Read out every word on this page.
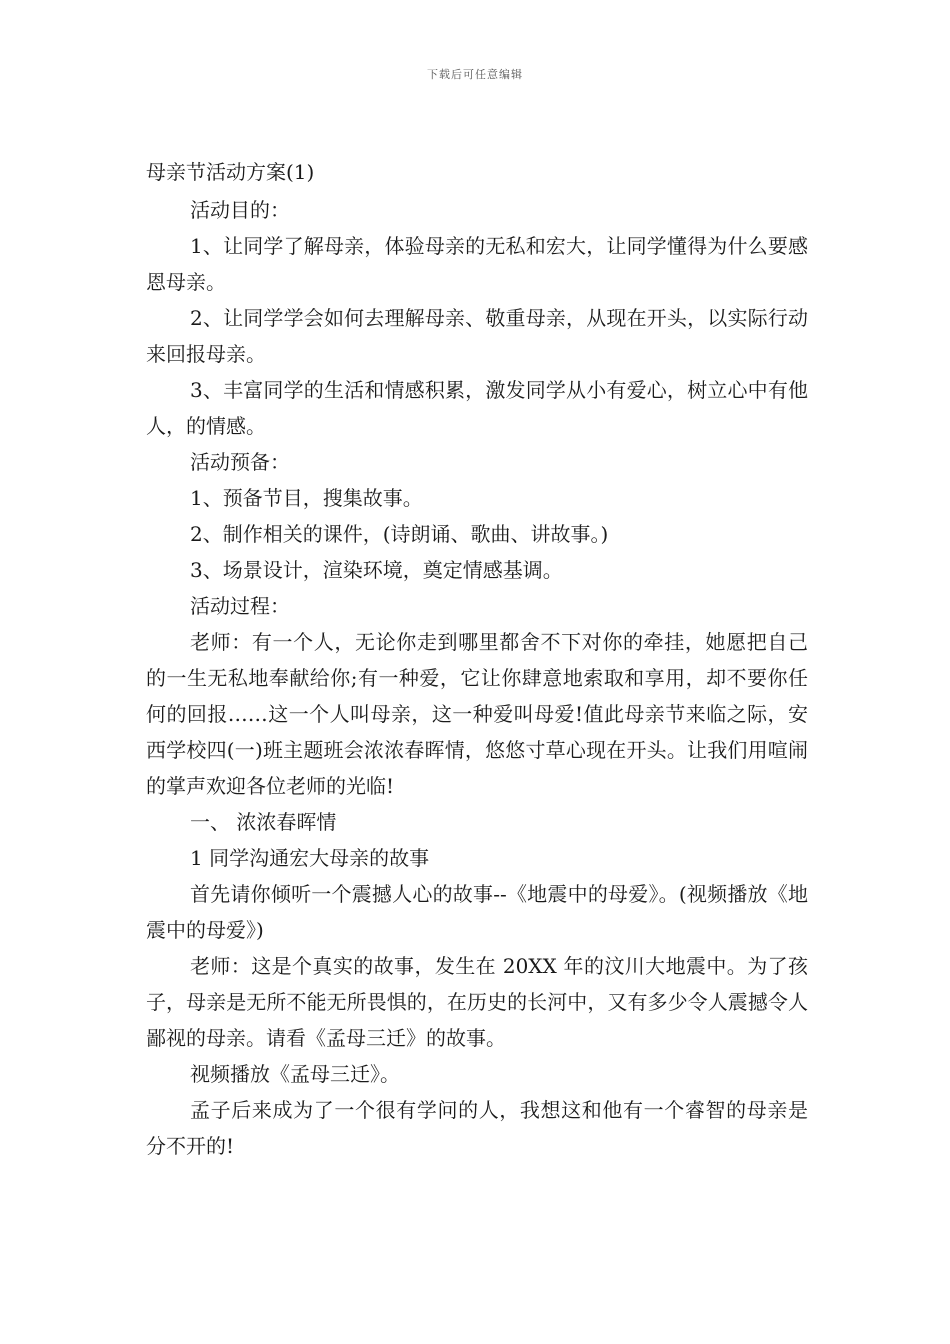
下载后可任意编辑
母亲节活动方案(1)

活动目的：

1、让同学了解母亲，体验母亲的无私和宏大，让同学懂得为什么要感恩母亲。

2、让同学学会如何去理解母亲、敬重母亲，从现在开头，以实际行动来回报母亲。

3、丰富同学的生活和情感积累，激发同学从小有爱心，树立心中有他人，的情感。

活动预备：

1、预备节目，搜集故事。

2、制作相关的课件，(诗朗诵、歌曲、讲故事。)

3、场景设计，渲染环境，奠定情感基调。

活动过程：

老师：有一个人，无论你走到哪里都舍不下对你的牵挂，她愿把自己的一生无私地奉献给你;有一种爱，它让你肆意地索取和享用，却不要你任何的回报……这一个人叫母亲，这一种爱叫母爱!值此母亲节来临之际，安西学校四(一)班主题班会浓浓春晖情，悠悠寸草心现在开头。让我们用喧闹的掌声欢迎各位老师的光临!

一、 浓浓春晖情

1 同学沟通宏大母亲的故事

首先请你倾听一个震撼人心的故事--《地震中的母爱》。(视频播放《地震中的母爱》)

老师：这是个真实的故事，发生在 20XX 年的汶川大地震中。为了孩子，母亲是无所不能无所畏惧的，在历史的长河中，又有多少令人震撼令人鄙视的母亲。请看《孟母三迁》的故事。

视频播放《孟母三迁》。

孟子后来成为了一个很有学问的人，我想这和他有一个睿智的母亲是分不开的!
